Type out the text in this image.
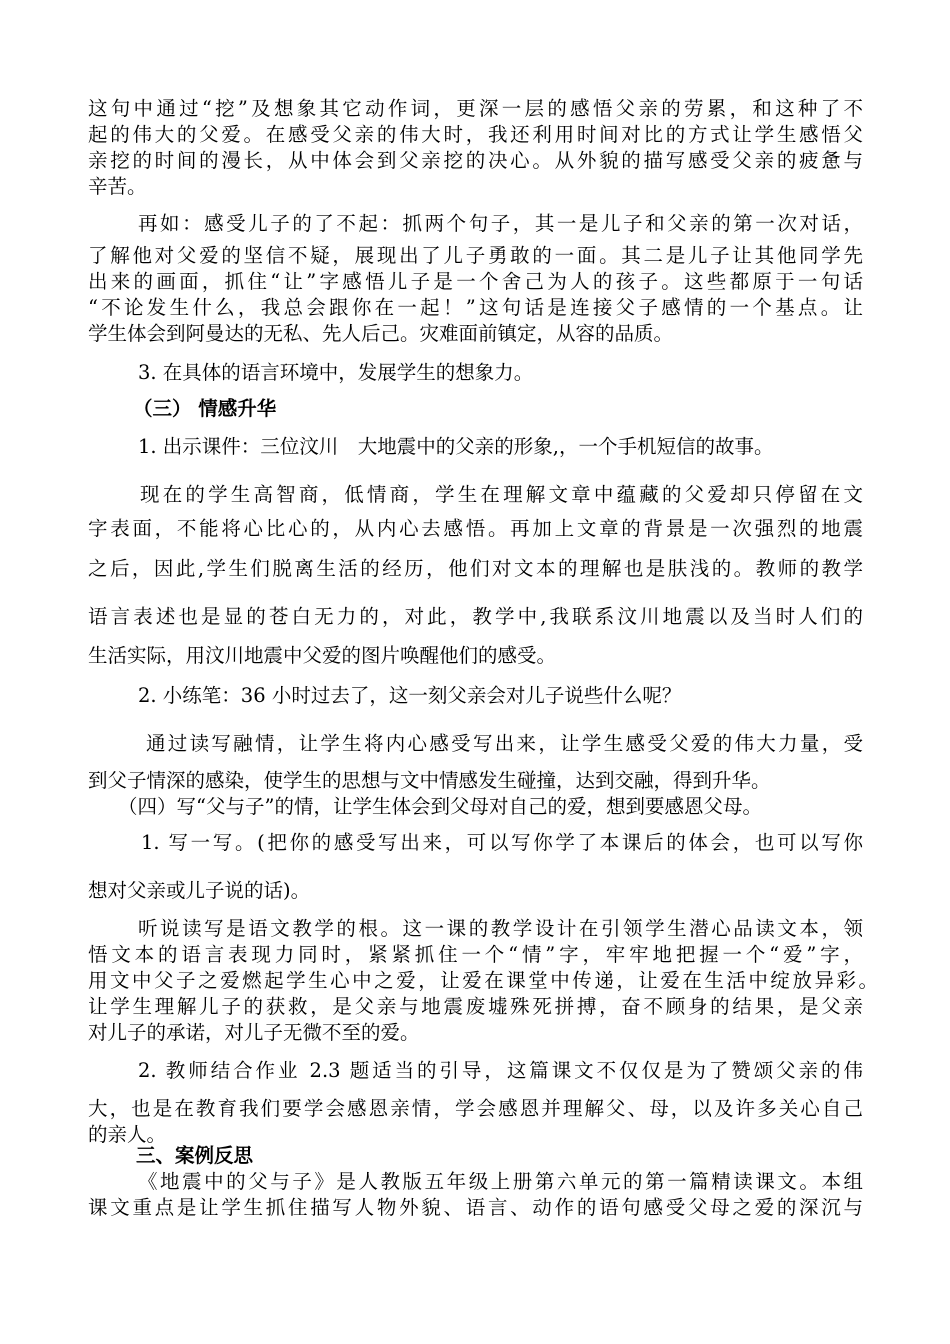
这句中通过“挖”及想象其它动作词，更深一层的感悟父亲的劳累，和这种了不
起的伟大的父爱。在感受父亲的伟大时，我还利用时间对比的方式让学生感悟父
亲挖的时间的漫长，从中体会到父亲挖的决心。从外貌的描写感受父亲的疲惫与
辛苦。
再如：感受儿子的了不起：抓两个句子，其一是儿子和父亲的第一次对话，
了解他对父爱的坚信不疑，展现出了儿子勇敢的一面。其二是儿子让其他同学先
出来的画面，抓住“让”字感悟儿子是一个舍己为人的孩子。这些都原于一句话
“不论发生什么，我总会跟你在一起！”这句话是连接父子感情的一个基点。让
学生体会到阿曼达的无私、先人后己。灾难面前镇定，从容的品质。
3. 在具体的语言环境中，发展学生的想象力。
（三） 情感升华
1. 出示课件：三位汶川　大地震中的父亲的形象,，一个手机短信的故事。
现在的学生高智商，低情商，学生在理解文章中蕴藏的父爱却只停留在文
字表面，不能将心比心的，从内心去感悟。再加上文章的背景是一次强烈的地震
之后，因此,学生们脱离生活的经历，他们对文本的理解也是肤浅的。教师的教学
语言表述也是显的苍白无力的，对此，教学中,我联系汶川地震以及当时人们的
生活实际，用汶川地震中父爱的图片唤醒他们的感受。
2. 小练笔：36 小时过去了，这一刻父亲会对儿子说些什么呢？
通过读写融情，让学生将内心感受写出来，让学生感受父爱的伟大力量，受
到父子情深的感染，使学生的思想与文中情感发生碰撞，达到交融，得到升华。
（四）写“父与子”的情，让学生体会到父母对自己的爱，想到要感恩父母。
1. 写一写。(把你的感受写出来，可以写你学了本课后的体会，也可以写你
想对父亲或儿子说的话)。
听说读写是语文教学的根。这一课的教学设计在引领学生潜心品读文本，领
悟文本的语言表现力同时，紧紧抓住一个“情”字，牢牢地把握一个“爱”字，
用文中父子之爱燃起学生心中之爱，让爱在课堂中传递，让爱在生活中绽放异彩。
让学生理解儿子的获救，是父亲与地震废墟殊死拼搏，奋不顾身的结果，是父亲
对儿子的承诺，对儿子无微不至的爱。
2. 教师结合作业 2.3 题适当的引导，这篇课文不仅仅是为了赞颂父亲的伟
大，也是在教育我们要学会感恩亲情，学会感恩并理解父、母，以及许多关心自己
的亲人。
三、案例反思
《地震中的父与子》是人教版五年级上册第六单元的第一篇精读课文。本组
课文重点是让学生抓住描写人物外貌、语言、动作的语句感受父母之爱的深沉与
